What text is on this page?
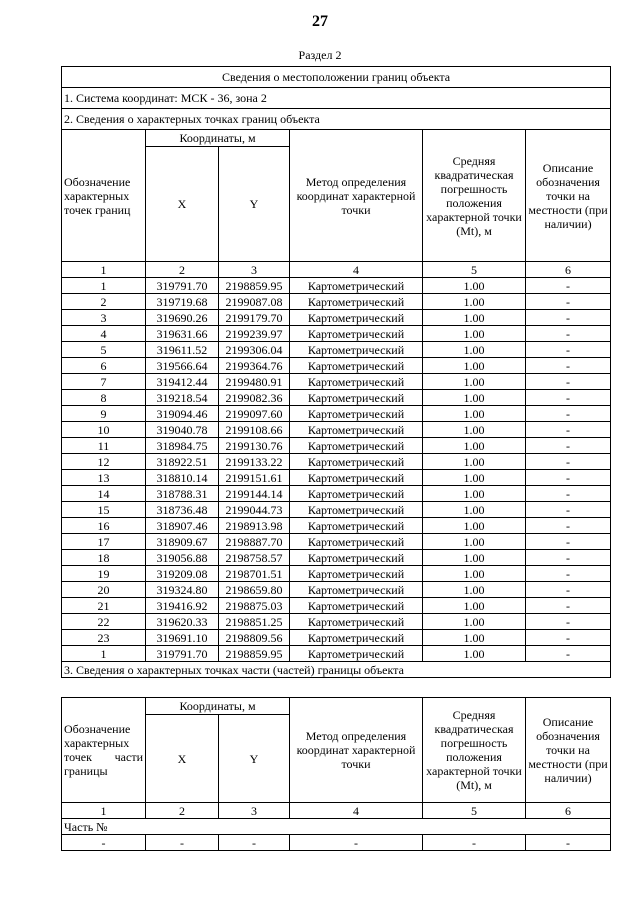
27
Раздел 2
Сведения о местоположении границ объекта					
1. Система координат: МСК - 36, зона 2					
2. Сведения о характерных точках границ объекта					
Обозначение характерных точек границ	Координаты, м		Метод определения координат характерной точки	Средняя квадратическая погрешность положения характерной точки (Mt), м	Описание обозначения точки на местности (при наличии)
	X	Y			
1	2	3	4	5	6
1	319791.70	2198859.95	Картометрический	1.00	-
2	319719.68	2199087.08	Картометрический	1.00	-
3	319690.26	2199179.70	Картометрический	1.00	-
4	319631.66	2199239.97	Картометрический	1.00	-
5	319611.52	2199306.04	Картометрический	1.00	-
6	319566.64	2199364.76	Картометрический	1.00	-
7	319412.44	2199480.91	Картометрический	1.00	-
8	319218.54	2199082.36	Картометрический	1.00	-
9	319094.46	2199097.60	Картометрический	1.00	-
10	319040.78	2199108.66	Картометрический	1.00	-
11	318984.75	2199130.76	Картометрический	1.00	-
12	318922.51	2199133.22	Картометрический	1.00	-
13	318810.14	2199151.61	Картометрический	1.00	-
14	318788.31	2199144.14	Картометрический	1.00	-
15	318736.48	2199044.73	Картометрический	1.00	-
16	318907.46	2198913.98	Картометрический	1.00	-
17	318909.67	2198887.70	Картометрический	1.00	-
18	319056.88	2198758.57	Картометрический	1.00	-
19	319209.08	2198701.51	Картометрический	1.00	-
20	319324.80	2198659.80	Картометрический	1.00	-
21	319416.92	2198875.03	Картометрический	1.00	-
22	319620.33	2198851.25	Картометрический	1.00	-
23	319691.10	2198809.56	Картометрический	1.00	-
1	319791.70	2198859.95	Картометрический	1.00	-
3. Сведения о характерных точках части (частей) границы объекта					
Обозначение характерных точек части границы	Координаты, м		Метод определения координат характерной точки	Средняя квадратическая погрешность положения характерной точки (Mt), м	Описание обозначения точки на местности (при наличии)
	X	Y			
1	2	3	4	5	6
Часть №					
-	-	-	-	-	-
